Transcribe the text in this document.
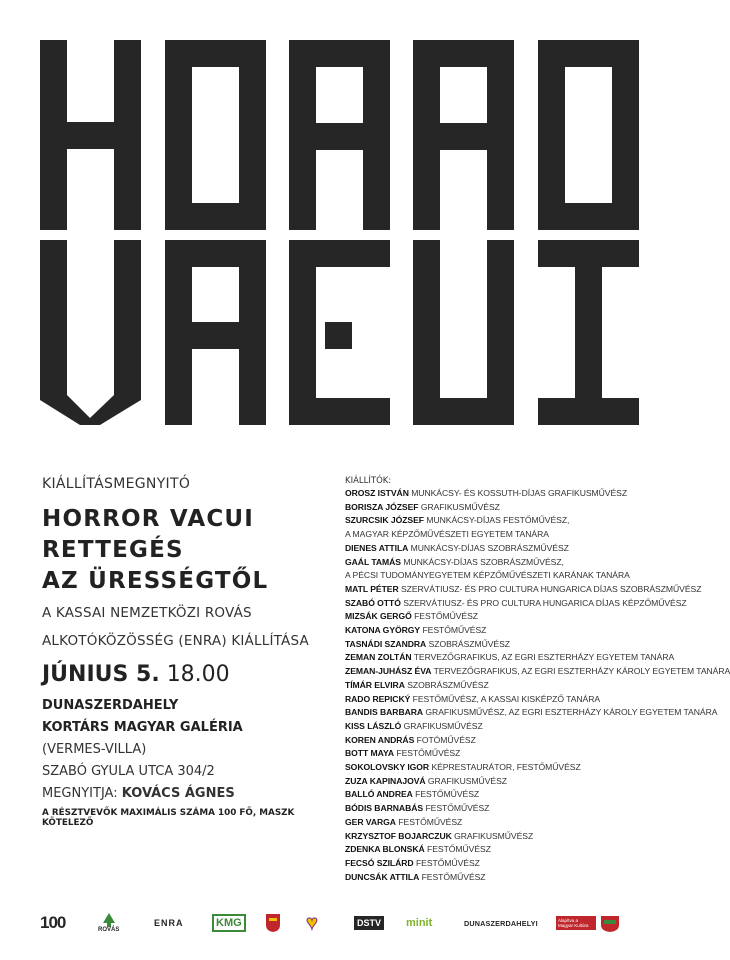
KIÁLLÍTÁSMEGNYITÓ
HORROR VACUI
RETTEGÉS
AZ ÜRESSÉGTŐL
A KASSAI NEMZETKÖZI ROVÁS
ALKOTÓKÖZÖSSÉG (ENRA) KIÁLLÍTÁSA
JÚNIUS 5. 18.00
DUNASZERDAHELY
KORTÁRS MAGYAR GALÉRIA
(VERMES-VILLA)
SZABÓ GYULA UTCA 304/2
MEGNYITJA: KOVÁCS ÁGNES
A RÉSZTVEVŐK MAXIMÁLIS SZÁMA 100 FŐ, MASZK KÖTELEZŐ
KIÁLLÍTÓK:
OROSZ ISTVÁN MUNKÁCSY- ÉS KOSSUTH-DÍJAS GRAFIKUSMŰVÉSZ
BORISZA JÓZSEF GRAFIKUSMŰVÉSZ
SZURCSIK JÓZSEF MUNKÁCSY-DÍJAS FESTŐMŰVÉSZ,
A MAGYAR KÉPZŐMŰVÉSZETI EGYETEM TANÁRA
DIENES ATTILA MUNKÁCSY-DÍJAS SZOBRÁSZMŰVÉSZ
GAÁL TAMÁS MUNKÁCSY-DÍJAS SZOBRÁSZMŰVÉSZ,
A PÉCSI TUDOMÁNYEGYETEM KÉPZŐMŰVÉSZETI KARÁNAK TANÁRA
MATL PÉTER SZERVÁTIUSZ- ÉS PRO CULTURA HUNGARICA DÍJAS SZOBRÁSZMŰVÉSZ
SZABÓ OTTÓ SZERVÁTIUSZ- ÉS PRO CULTURA HUNGARICA DÍJAS KÉPZŐMŰVÉSZ
MIZSÁK GERGŐ FESTŐMŰVÉSZ
KATONA GYÖRGY FESTŐMŰVÉSZ
TASNÁDI SZANDRA SZOBRÁSZMŰVÉSZ
ZEMAN ZOLTÁN TERVEZŐGRAFIKUS, AZ EGRI ESZTERHÁZY EGYETEM TANÁRA
ZEMAN-JUHÁSZ ÉVA TERVEZŐGRAFIKUS, AZ EGRI ESZTERHÁZY KÁROLY EGYETEM TANÁRA
TÍMÁR ELVIRA SZOBRÁSZMŰVÉSZ
RADO REPICKÝ FESTŐMŰVÉSZ, A KASSAI KISKÉPZŐ TANÁRA
BANDIS BARBARA GRAFIKUSMŰVÉSZ, AZ EGRI ESZTERHÁZY KÁROLY EGYETEM TANÁRA
KISS LÁSZLÓ GRAFIKUSMŰVÉSZ
KOREN ANDRÁS FOTÓMŰVÉSZ
BOTT MAYA FESTŐMŰVÉSZ
SOKOLOVSKY IGOR KÉPRESTAURÁTOR, FESTŐMŰVÉSZ
ZUZA KAPINAJOVÁ GRAFIKUSMŰVÉSZ
BALLÓ ANDREA FESTŐMŰVÉSZ
BÓDIS BARNABÁS FESTŐMŰVÉSZ
GER VARGA FESTŐMŰVÉSZ
KRZYSZTOF BOJARCZUK GRAFIKUSMŰVÉSZ
ZDENKA BLONSKÁ FESTŐMŰVÉSZ
FECSÓ SZILÁRD FESTŐMŰVÉSZ
DUNCSÁK ATTILA FESTŐMŰVÉSZ
100	ROVÁS
ENRA	KMG	♥	DSTV minit	DUNASZERDAHELYI	Alapítva a Magyar Kultúra
